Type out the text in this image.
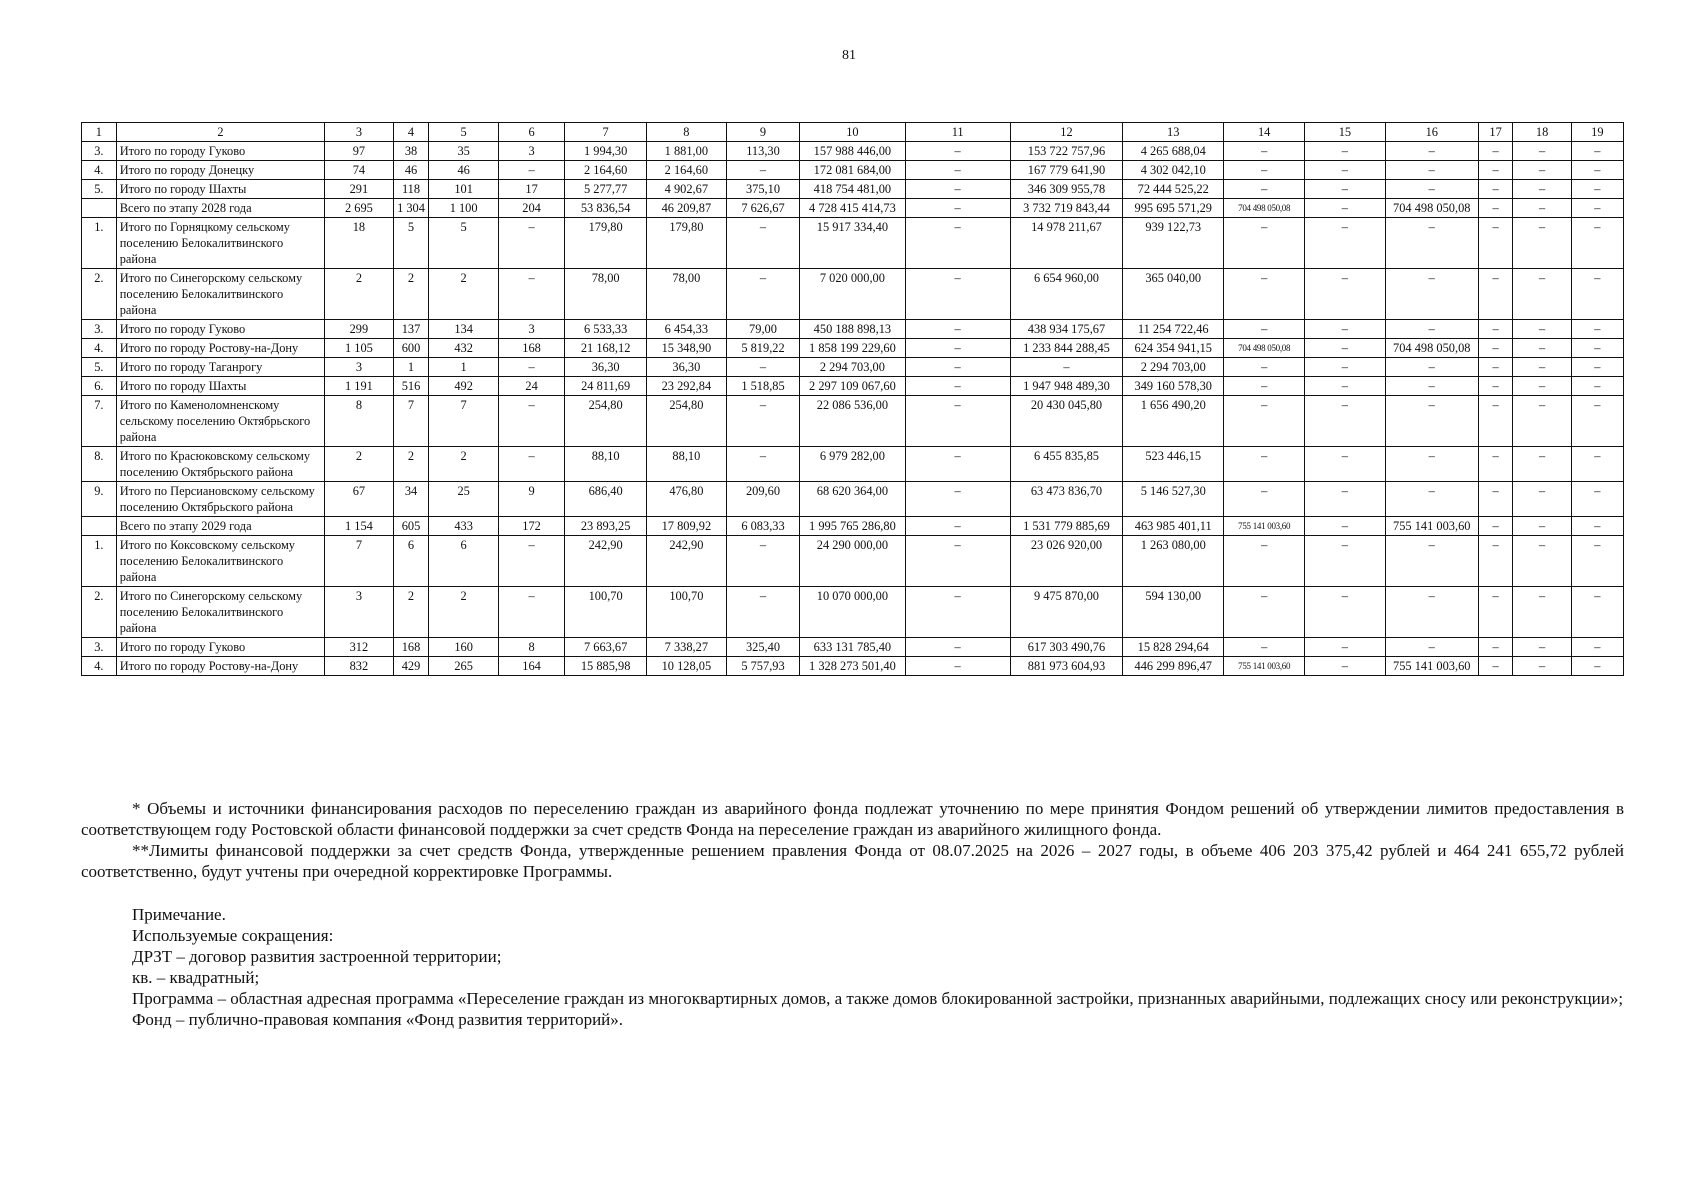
81
1	2	3	4	5	6	7	8	9	10	11	12	13	14	15	16	17	18	19
3.	Итого по городу Гуково	97	38	35	3	1 994,30	1 881,00	113,30	157 988 446,00	–	153 722 757,96	4 265 688,04	–	–	–	–	–	–
4.	Итого по городу Донецку	74	46	46	–	2 164,60	2 164,60	–	172 081 684,00	–	167 779 641,90	4 302 042,10	–	–	–	–	–	–
5.	Итого по городу Шахты	291	118	101	17	5 277,77	4 902,67	375,10	418 754 481,00	–	346 309 955,78	72 444 525,22	–	–	–	–	–	–
	Всего по этапу 2028 года	2 695	1 304	1 100	204	53 836,54	46 209,87	7 626,67	4 728 415 414,73	–	3 732 719 843,44	995 695 571,29	704 498 050,08	–	704 498 050,08	–	–	–
1.	Итого по Горняцкому сельскому поселению Белокалитвинского района	18	5	5	–	179,80	179,80	–	15 917 334,40	–	14 978 211,67	939 122,73	–	–	–	–	–	–
2.	Итого по Синегорскому сельскому поселению Белокалитвинского района	2	2	2	–	78,00	78,00	–	7 020 000,00	–	6 654 960,00	365 040,00	–	–	–	–	–	–
3.	Итого по городу Гуково	299	137	134	3	6 533,33	6 454,33	79,00	450 188 898,13	–	438 934 175,67	11 254 722,46	–	–	–	–	–	–
4.	Итого по городу Ростову-на-Дону	1 105	600	432	168	21 168,12	15 348,90	5 819,22	1 858 199 229,60	–	1 233 844 288,45	624 354 941,15	704 498 050,08	–	704 498 050,08	–	–	–
5.	Итого по городу Таганрогу	3	1	1	–	36,30	36,30	–	2 294 703,00	–	–	2 294 703,00	–	–	–	–	–	–
6.	Итого по городу Шахты	1 191	516	492	24	24 811,69	23 292,84	1 518,85	2 297 109 067,60	–	1 947 948 489,30	349 160 578,30	–	–	–	–	–	–
7.	Итого по Каменоломненскому сельскому поселению Октябрьского района	8	7	7	–	254,80	254,80	–	22 086 536,00	–	20 430 045,80	1 656 490,20	–	–	–	–	–	–
8.	Итого по Красюковскому сельскому поселению Октябрьского района	2	2	2	–	88,10	88,10	–	6 979 282,00	–	6 455 835,85	523 446,15	–	–	–	–	–	–
9.	Итого по Персиановскому сельскому поселению Октябрьского района	67	34	25	9	686,40	476,80	209,60	68 620 364,00	–	63 473 836,70	5 146 527,30	–	–	–	–	–	–
	Всего по этапу 2029 года	1 154	605	433	172	23 893,25	17 809,92	6 083,33	1 995 765 286,80	–	1 531 779 885,69	463 985 401,11	755 141 003,60	–	755 141 003,60	–	–	–
1.	Итого по Коксовскому сельскому поселению Белокалитвинского района	7	6	6	–	242,90	242,90	–	24 290 000,00	–	23 026 920,00	1 263 080,00	–	–	–	–	–	–
2.	Итого по Синегорскому сельскому поселению Белокалитвинского района	3	2	2	–	100,70	100,70	–	10 070 000,00	–	9 475 870,00	594 130,00	–	–	–	–	–	–
3.	Итого по городу Гуково	312	168	160	8	7 663,67	7 338,27	325,40	633 131 785,40	–	617 303 490,76	15 828 294,64	–	–	–	–	–	–
4.	Итого по городу Ростову-на-Дону	832	429	265	164	15 885,98	10 128,05	5 757,93	1 328 273 501,40	–	881 973 604,93	446 299 896,47	755 141 003,60	–	755 141 003,60	–	–	–

* Объемы и источники финансирования расходов по переселению граждан из аварийного фонда подлежат уточнению по мере принятия Фондом решений об утверждении лимитов предоставления в соответствующем году Ростовской области финансовой поддержки за счет средств Фонда на переселение граждан из аварийного жилищного фонда.

**Лимиты финансовой поддержки за счет средств Фонда, утвержденные решением правления Фонда от 08.07.2025 на 2026 – 2027 годы, в объеме 406 203 375,42 рублей и 464 241 655,72 рублей соответственно, будут учтены при очередной корректировке Программы.

Примечание.

Используемые сокращения:

ДРЗТ – договор развития застроенной территории;

кв. – квадратный;

Программа – областная адресная программа «Переселение граждан из многоквартирных домов, а также домов блокированной застройки, признанных аварийными, подлежащих сносу или реконструкции»;

Фонд – публично-правовая компания «Фонд развития территорий».
